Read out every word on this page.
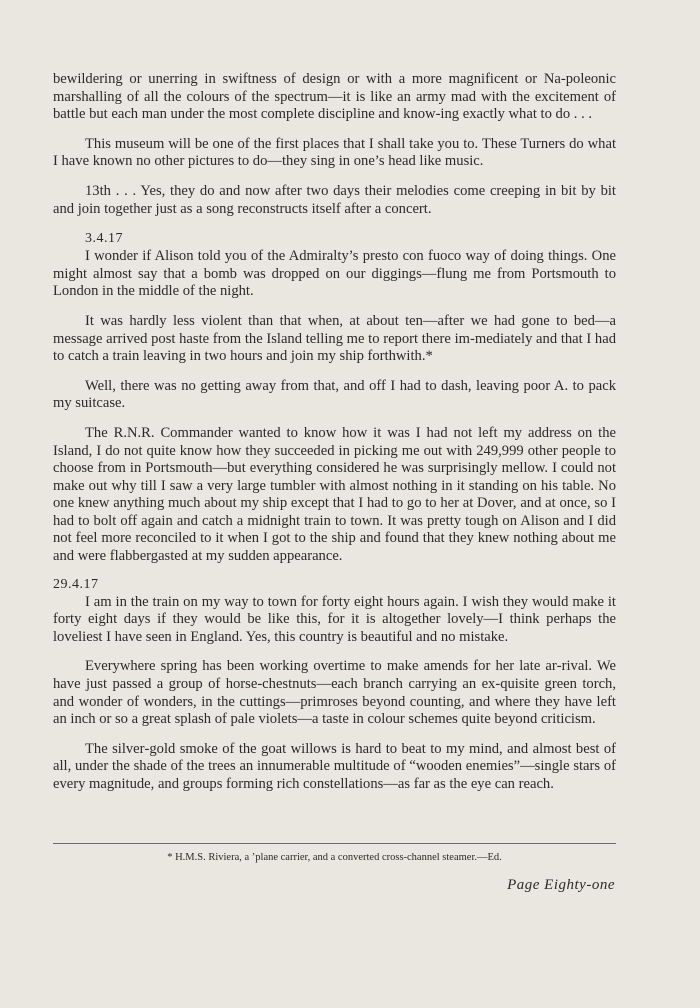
bewildering or unerring in swiftness of design or with a more magnificent or Na‑poleonic marshalling of all the colours of the spectrum—it is like an army mad with the excitement of battle but each man under the most complete discipline and know‑ing exactly what to do . . .

This museum will be one of the first places that I shall take you to. These Turners do what I have known no other pictures to do—they sing in one’s head like music.

13th . . . Yes, they do and now after two days their melodies come creeping in bit by bit and join together just as a song reconstructs itself after a concert.

3.4.17

I wonder if Alison told you of the Admiralty’s presto con fuoco way of doing things. One might almost say that a bomb was dropped on our diggings—flung me from Portsmouth to London in the middle of the night.

It was hardly less violent than that when, at about ten—after we had gone to bed—a message arrived post haste from the Island telling me to report there im‑mediately and that I had to catch a train leaving in two hours and join my ship forthwith.*

Well, there was no getting away from that, and off I had to dash, leaving poor A. to pack my suitcase.

The R.N.R. Commander wanted to know how it was I had not left my address on the Island, I do not quite know how they succeeded in picking me out with 249,999 other people to choose from in Portsmouth—but everything considered he was surprisingly mellow. I could not make out why till I saw a very large tumbler with almost nothing in it standing on his table. No one knew anything much about my ship except that I had to go to her at Dover, and at once, so I had to bolt off again and catch a midnight train to town. It was pretty tough on Alison and I did not feel more reconciled to it when I got to the ship and found that they knew nothing about me and were flabbergasted at my sudden appearance.

29.4.17

I am in the train on my way to town for forty eight hours again. I wish they would make it forty eight days if they would be like this, for it is altogether lovely—I think perhaps the loveliest I have seen in England. Yes, this country is beautiful and no mistake.

Everywhere spring has been working overtime to make amends for her late ar‑rival. We have just passed a group of horse‑chestnuts—each branch carrying an ex‑quisite green torch, and wonder of wonders, in the cuttings—primroses beyond counting, and where they have left an inch or so a great splash of pale violets—a taste in colour schemes quite beyond criticism.

The silver‑gold smoke of the goat willows is hard to beat to my mind, and almost best of all, under the shade of the trees an innumerable multitude of “wooden enemies”—single stars of every magnitude, and groups forming rich constellations—as far as the eye can reach.

* H.M.S. Riviera, a ’plane carrier, and a converted cross-channel steamer.—Ed.
Page Eighty-one
